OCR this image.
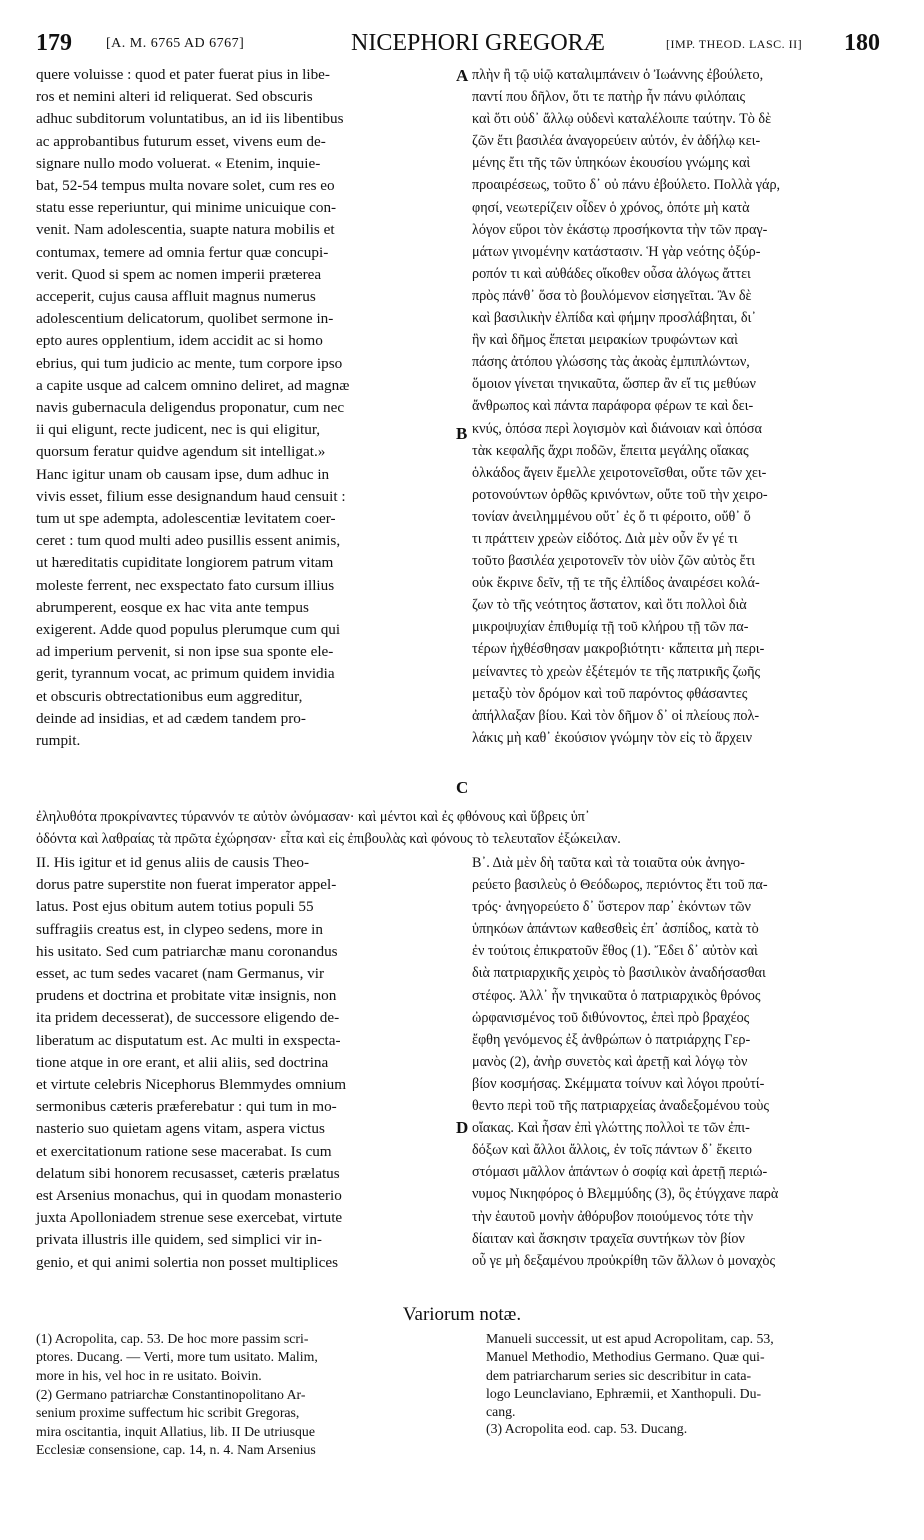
179 [A. M. 6765 AD 6767]	NICEPHORI GREGORÆ	[IMP. THEOD. LASC. II] 180

quere voluisse : quod et pater fuerat pius in libe-
ros et nemini alteri id reliquerat. Sed obscuris
adhuc subditorum voluntatibus, an id iis libentibus
ac approbantibus futurum esset, vivens eum de-
signare nullo modo voluerat. « Etenim, inquie-
bat, 52-54 tempus multa novare solet, cum res eo
statu esse reperiuntur, qui minime unicuique con-
venit. Nam adolescentia, suapte natura mobilis et
contumax, temere ad omnia fertur quæ concupi-
verit. Quod si spem ac nomen imperii præterea
acceperit, cujus causa affluit magnus numerus
adolescentium delicatorum, quolibet sermone in-
epto aures opplentium, idem accidit ac si homo
ebrius, qui tum judicio ac mente, tum corpore ipso
a capite usque ad calcem omnino deliret, ad magnæ
navis gubernacula deligendus proponatur, cum nec
ii qui eligunt, recte judicent, nec is qui eligitur,
quorsum feratur quidve agendum sit intelligat.»
Hanc igitur unam ob causam ipse, dum adhuc in
vivis esset, filium esse designandum haud censuit :
tum ut spe adempta, adolescentiæ levitatem coer-
ceret : tum quod multi adeo pusillis essent animis,
ut hæreditatis cupiditate longiorem patrum vitam
moleste ferrent, nec exspectato fato cursum illius
abrumperent, eosque ex hac vita ante tempus
exigerent. Adde quod populus plerumque cum qui
ad imperium pervenit, si non ipse sua sponte ele-
gerit, tyrannum vocat, ac primum quidem invidia
et obscuris obtrectationibus eum aggreditur,
deinde ad insidias, et ad cædem tandem pro-
rumpit.

πλὴν ἢ τῷ υἱῷ καταλιμπάνειν ὁ Ἰωάννης ἐβούλετο,
παντί που δῆλον, ὅτι τε πατὴρ ἦν πάνυ φιλόπαις
καὶ ὅτι οὐδ᾽ ἄλλῳ οὐδενὶ καταλέλοιπε ταύτην. Τὸ δὲ
ζῶν ἔτι βασιλέα ἀναγορεύειν αὐτόν, ἐν ἀδήλῳ κει-
μένης ἔτι τῆς τῶν ὑπηκόων ἑκουσίου γνώμης καὶ
προαιρέσεως, τοῦτο δ᾽ οὐ πάνυ ἐβούλετο. Πολλὰ γάρ,
φησί, νεωτερίζειν οἶδεν ὁ χρόνος, ὁπότε μὴ κατὰ
λόγον εὕροι τὸν ἑκάστῳ προσήκοντα τὴν τῶν πραγ-
μάτων γινομένην κατάστασιν. Ἡ γὰρ νεότης ὀξύρ-
ροπόν τι καὶ αὐθάδες οἴκοθεν οὖσα ἀλόγως ἄττει
πρὸς πάνθ᾽ ὅσα τὸ βουλόμενον εἰσηγεῖται. Ἂν δὲ
καὶ βασιλικὴν ἐλπίδα καὶ φήμην προσλάβηται, δι᾽
ἣν καὶ δῆμος ἕπεται μειρακίων τρυφώντων καὶ
πάσης ἀτόπου γλώσσης τὰς ἀκοὰς ἐμπιπλώντων,
ὅμοιον γίνεται τηνικαῦτα, ὥσπερ ἂν εἴ τις μεθύων
ἄνθρωπος καὶ πάντα παράφορα φέρων τε καὶ δει-
κνύς, ὁπόσα περὶ λογισμὸν καὶ διάνοιαν καὶ ὁπόσα
τὰκ κεφαλῆς ἄχρι ποδῶν, ἔπειτα μεγάλης οἴακας
ὁλκάδος ἄγειν ἔμελλε χειροτονεῖσθαι, οὔτε τῶν χει-
ροτονούντων ὀρθῶς κρινόντων, οὔτε τοῦ τὴν χειρο-
τονίαν ἀνειλημμένου οὔτ᾽ ἐς ὅ τι φέροιτο, οὔθ᾽ ὅ
τι πράττειν χρεὼν εἰδότος. Διὰ μὲν οὖν ἕν γέ τι
τοῦτο βασιλέα χειροτονεῖν τὸν υἱὸν ζῶν αὐτὸς ἔτι
οὐκ ἔκρινε δεῖν, τῇ τε τῆς ἐλπίδος ἀναιρέσει κολά-
ζων τὸ τῆς νεότητος ἄστατον, καὶ ὅτι πολλοὶ διὰ
μικροψυχίαν ἐπιθυμίᾳ τῇ τοῦ κλήρου τῇ τῶν πα-
τέρων ἠχθέσθησαν μακροβιότητι· κἄπειτα μὴ περι-
μείναντες τὸ χρεὼν ἐξέτεμόν τε τῆς πατρικῆς ζωῆς
μεταξὺ τὸν δρόμον καὶ τοῦ παρόντος φθάσαντες
ἀπήλλαξαν βίου. Καὶ τὸν δῆμον δ᾽ οἱ πλείους πολ-
λάκις μὴ καθ᾽ ἑκούσιον γνώμην τὸν εἰς τὸ ἄρχειν

A
B
C
D

ἐληλυθότα προκρίναντες τύραννόν τε αὐτὸν ὠνόμασαν· καὶ μέντοι καὶ ἐς φθόνους καὶ ὕβρεις ὑπ᾽
ὀδόντα καὶ λαθραίας τὰ πρῶτα ἐχώρησαν· εἶτα καὶ εἰς ἐπιβουλὰς καὶ φόνους τὸ τελευταῖον ἐξώκειλαν.

II. His igitur et id genus aliis de causis Theo-
dorus patre superstite non fuerat imperator appel-
latus. Post ejus obitum autem totius populi 55
suffragiis creatus est, in clypeo sedens, more in
his usitato. Sed cum patriarchæ manu coronandus
esset, ac tum sedes vacaret (nam Germanus, vir
prudens et doctrina et probitate vitæ insignis, non
ita pridem decesserat), de successore eligendo de-
liberatum ac disputatum est. Ac multi in exspecta-
tione atque in ore erant, et alii aliis, sed doctrina
et virtute celebris Nicephorus Blemmydes omnium
sermonibus cæteris præferebatur : qui tum in mo-
nasterio suo quietam agens vitam, aspera victus
et exercitationum ratione sese macerabat. Is cum
delatum sibi honorem recusasset, cæteris prælatus
est Arsenius monachus, qui in quodam monasterio
juxta Apolloniadem strenue sese exercebat, virtute
privata illustris ille quidem, sed simplici vir in-
genio, et qui animi solertia non posset multiplices

Β᾽. Διὰ μὲν δὴ ταῦτα καὶ τὰ τοιαῦτα οὐκ ἀνηγο-
ρεύετο βασιλεὺς ὁ Θεόδωρος, περιόντος ἔτι τοῦ πα-
τρός· ἀνηγορεύετο δ᾽ ὕστερον παρ᾽ ἑκόντων τῶν
ὑπηκόων ἁπάντων καθεσθεὶς ἐπ᾽ ἀσπίδος, κατὰ τὸ
ἐν τούτοις ἐπικρατοῦν ἔθος (1). Ἔδει δ᾽ αὐτὸν καὶ
διὰ πατριαρχικῆς χειρὸς τὸ βασιλικὸν ἀναδήσασθαι
στέφος. Ἀλλ᾽ ἦν τηνικαῦτα ὁ πατριαρχικὸς θρόνος
ὠρφανισμένος τοῦ διθύνοντος, ἐπεὶ πρὸ βραχέος
ἔφθη γενόμενος ἐξ ἀνθρώπων ὁ πατριάρχης Γερ-
μανὸς (2), ἀνὴρ συνετὸς καὶ ἀρετῇ καὶ λόγῳ τὸν
βίον κοσμήσας. Σκέμματα τοίνυν καὶ λόγοι προὐτί-
θεντο περὶ τοῦ τῆς πατριαρχείας ἀναδεξομένου τοὺς
οἴακας. Καὶ ἦσαν ἐπὶ γλώττης πολλοὶ τε τῶν ἐπι-
δόξων καὶ ἄλλοι ἄλλοις, ἐν τοῖς πάντων δ᾽ ἔκειτο
στόμασι μᾶλλον ἁπάντων ὁ σοφίᾳ καὶ ἀρετῇ περιώ-
νυμος Νικηφόρος ὁ Βλεμμύδης (3), ὃς ἐτύγχανε παρὰ
τὴν ἑαυτοῦ μονὴν ἀθόρυβον ποιούμενος τότε τὴν
δίαιταν καὶ ἄσκησιν τραχεῖα συντήκων τὸν βίον
οὗ γε μὴ δεξαμένου προὐκρίθη τῶν ἄλλων ὁ μοναχὸς

Variorum notæ.
(1) Acropolita, cap. 53. De hoc more passim scri-
ptores. Ducang. — Verti, more tum usitato. Malim,
more in his, vel hoc in re usitato. Boivin.
(2) Germano patriarchæ Constantinopolitano Ar-
senium proxime suffectum hic scribit Gregoras,
mira oscitantia, inquit Allatius, lib. II De utriusque
Ecclesiæ consensione, cap. 14, n. 4. Nam Arsenius
Manueli successit, ut est apud Acropolitam, cap. 53,
Manuel Methodio, Methodius Germano. Quæ qui-
dem patriarcharum series sic describitur in cata-
logo Leunclaviano, Ephræmii, et Xanthopuli. Du-
cang.
(3) Acropolita eod. cap. 53. Ducang.
